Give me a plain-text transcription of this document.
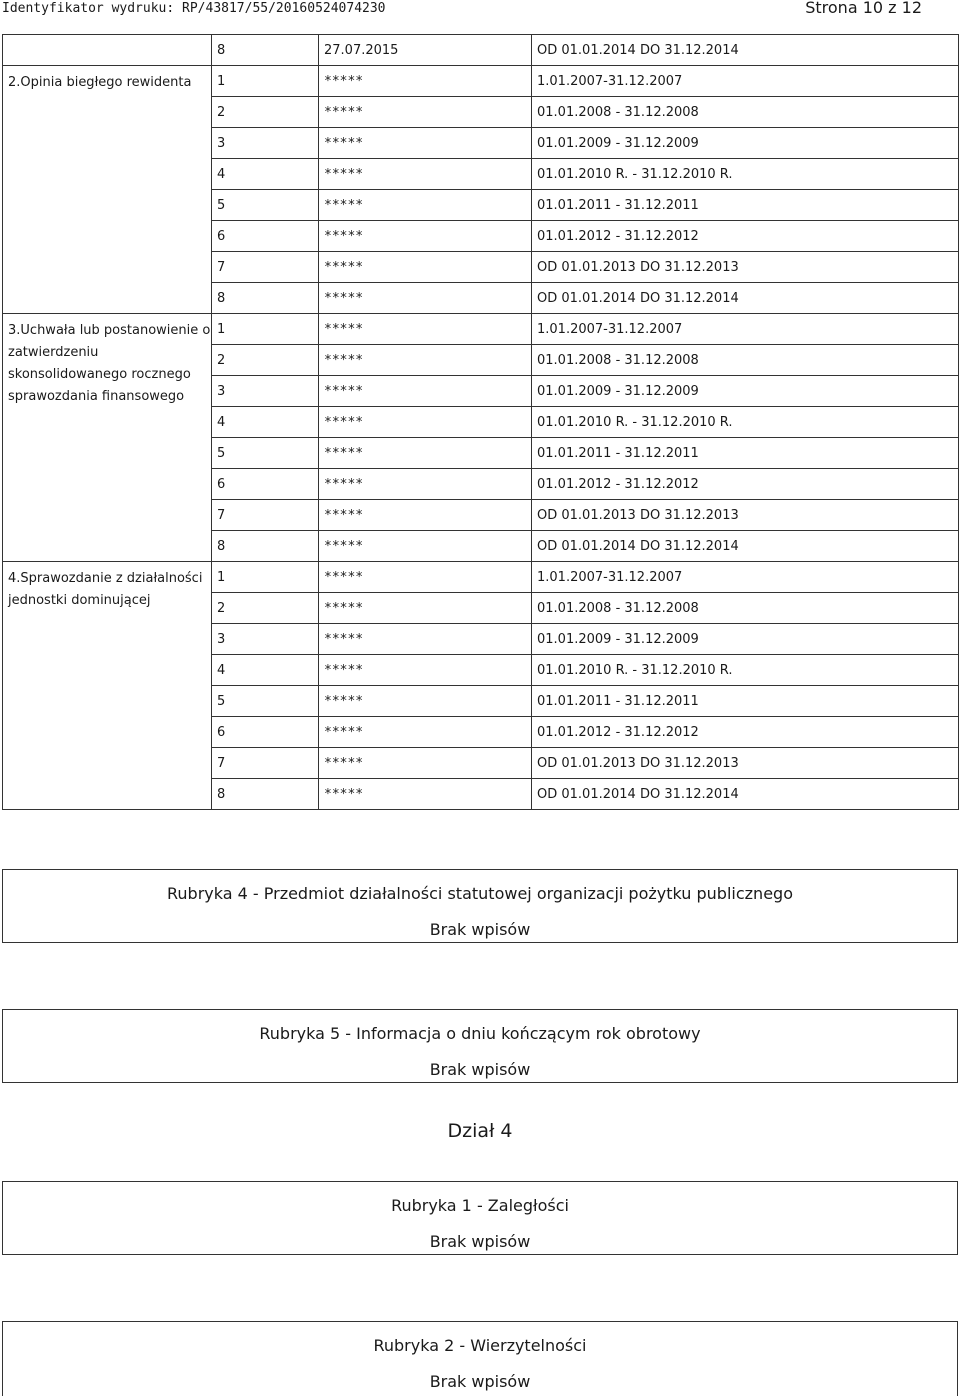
Identyfikator wydruku: RP/43817/55/20160524074230	Strona 10 z 12
	8	27.07.2015	OD 01.01.2014 DO 31.12.2014
2.Opinia biegłego rewidenta	1	*****	1.01.2007-31.12.2007
	2	*****	01.01.2008 - 31.12.2008
	3	*****	01.01.2009 - 31.12.2009
	4	*****	01.01.2010 R. - 31.12.2010 R.
	5	*****	01.01.2011 - 31.12.2011
	6	*****	01.01.2012 - 31.12.2012
	7	*****	OD 01.01.2013 DO 31.12.2013
	8	*****	OD 01.01.2014 DO 31.12.2014
3.Uchwała lub postanowienie o zatwierdzeniu skonsolidowanego rocznego sprawozdania finansowego	1	*****	1.01.2007-31.12.2007
	2	*****	01.01.2008 - 31.12.2008
	3	*****	01.01.2009 - 31.12.2009
	4	*****	01.01.2010 R. - 31.12.2010 R.
	5	*****	01.01.2011 - 31.12.2011
	6	*****	01.01.2012 - 31.12.2012
	7	*****	OD 01.01.2013 DO 31.12.2013
	8	*****	OD 01.01.2014 DO 31.12.2014
4.Sprawozdanie z działalności jednostki dominującej	1	*****	1.01.2007-31.12.2007
	2	*****	01.01.2008 - 31.12.2008
	3	*****	01.01.2009 - 31.12.2009
	4	*****	01.01.2010 R. - 31.12.2010 R.
	5	*****	01.01.2011 - 31.12.2011
	6	*****	01.01.2012 - 31.12.2012
	7	*****	OD 01.01.2013 DO 31.12.2013
	8	*****	OD 01.01.2014 DO 31.12.2014
Rubryka 4 - Przedmiot działalności statutowej organizacji pożytku publicznego
Brak wpisów
Rubryka 5 - Informacja o dniu kończącym rok obrotowy
Brak wpisów
Dział 4
Rubryka 1 - Zaległości
Brak wpisów
Rubryka 2 - Wierzytelności
Brak wpisów
